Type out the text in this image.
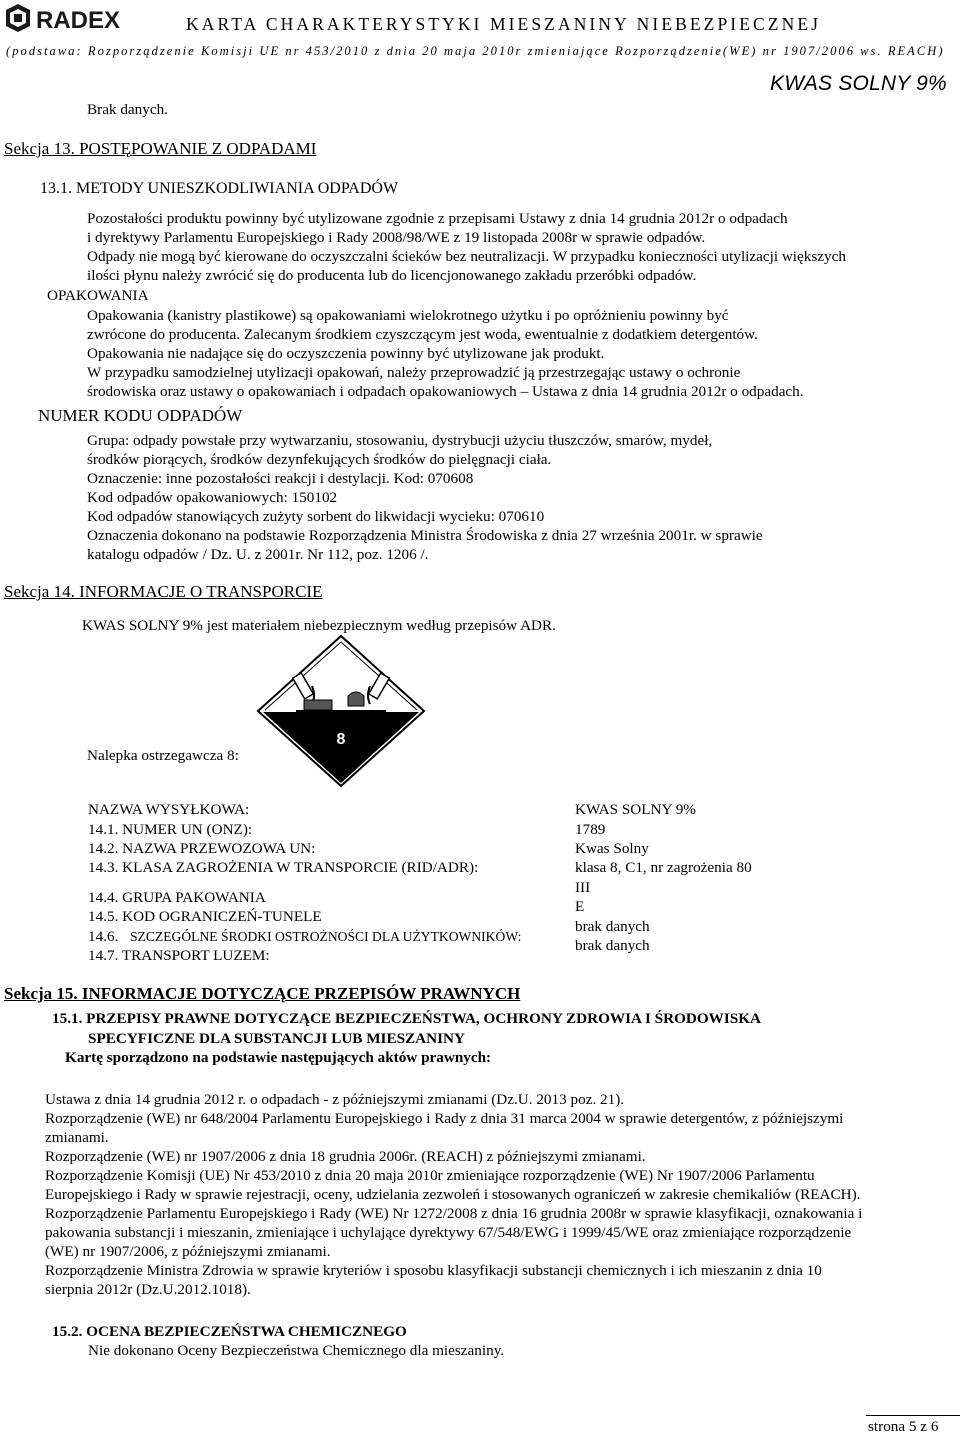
RADEX	KARTA CHARAKTERYSTYKI MIESZANINY NIEBEZPIECZNEJ
(podstawa: Rozporządzenie Komisji UE nr 453/2010 z dnia 20 maja 2010r zmieniające Rozporządzenie(WE) nr 1907/2006 ws. REACH)
KWAS SOLNY 9%
Brak danych.
Sekcja 13. POSTĘPOWANIE Z ODPADAMI
13.1. METODY UNIESZKODLIWIANIA ODPADÓW
Pozostałości produktu powinny być utylizowane zgodnie z przepisami Ustawy z dnia 14 grudnia 2012r o odpadach
i dyrektywy Parlamentu Europejskiego i Rady 2008/98/WE z 19 listopada 2008r w sprawie odpadów.
Odpady nie mogą być kierowane do oczyszczalni ścieków bez neutralizacji. W przypadku konieczności utylizacji większych
ilości płynu należy zwrócić się do producenta lub do licencjonowanego zakładu przeróbki odpadów.
OPAKOWANIA
Opakowania (kanistry plastikowe) są opakowaniami wielokrotnego użytku i po opróżnieniu powinny być
zwrócone do producenta. Zalecanym środkiem czyszczącym jest woda, ewentualnie z dodatkiem detergentów.
Opakowania nie nadające się do oczyszczenia powinny być utylizowane jak produkt.
W przypadku samodzielnej utylizacji opakowań, należy przeprowadzić ją przestrzegając ustawy o ochronie
środowiska oraz ustawy o opakowaniach i odpadach opakowaniowych – Ustawa z dnia 14 grudnia 2012r o odpadach.
NUMER KODU ODPADÓW
Grupa: odpady powstałe przy wytwarzaniu, stosowaniu, dystrybucji użyciu tłuszczów, smarów, mydeł,
środków piorących, środków dezynfekujących środków do pielęgnacji ciała.
Oznaczenie: inne pozostałości reakcji i destylacji. Kod: 070608
Kod odpadów opakowaniowych: 150102
Kod odpadów stanowiących zużyty sorbent do likwidacji wycieku: 070610
Oznaczenia dokonano na podstawie Rozporządzenia Ministra Środowiska z dnia 27 września 2001r. w sprawie
katalogu odpadów / Dz. U. z 2001r. Nr 112, poz. 1206 /.
Sekcja 14. INFORMACJE O TRANSPORCIE
KWAS SOLNY 9% jest materiałem niebezpiecznym według przepisów ADR.
8
Nalepka ostrzegawcza 8:
NAZWA WYSYŁKOWA:
14.1. NUMER UN (ONZ):
14.2. NAZWA PRZEWOZOWA UN:
14.3. KLASA ZAGROŻENIA W TRANSPORCIE (RID/ADR):
14.4. GRUPA PAKOWANIA
14.5. KOD OGRANICZEŃ-TUNELE
14.6. SZCZEGÓLNE ŚRODKI OSTROŻNOŚCI DLA UŻYTKOWNIKÓW:
14.7. TRANSPORT LUZEM:
KWAS SOLNY 9%
1789
Kwas Solny
klasa 8, C1, nr zagrożenia 80
III
E
brak danych
brak danych
Sekcja 15. INFORMACJE DOTYCZĄCE PRZEPISÓW PRAWNYCH
15.1. PRZEPISY PRAWNE DOTYCZĄCE BEZPIECZEŃSTWA, OCHRONY ZDROWIA I ŚRODOWISKA
SPECYFICZNE DLA SUBSTANCJI LUB MIESZANINY
Kartę sporządzono na podstawie następujących aktów prawnych:
Ustawa z dnia 14 grudnia 2012 r. o odpadach - z późniejszymi zmianami (Dz.U. 2013 poz. 21).
Rozporządzenie (WE) nr 648/2004 Parlamentu Europejskiego i Rady z dnia 31 marca 2004 w sprawie detergentów, z późniejszymi
zmianami.
Rozporządzenie (WE) nr 1907/2006 z dnia 18 grudnia 2006r. (REACH) z późniejszymi zmianami.
Rozporządzenie Komisji (UE) Nr 453/2010 z dnia 20 maja 2010r zmieniające rozporządzenie (WE) Nr 1907/2006 Parlamentu
Europejskiego i Rady w sprawie rejestracji, oceny, udzielania zezwoleń i stosowanych ograniczeń w zakresie chemikaliów (REACH).
Rozporządzenie Parlamentu Europejskiego i Rady (WE) Nr 1272/2008 z dnia 16 grudnia 2008r w sprawie klasyfikacji, oznakowania i
pakowania substancji i mieszanin, zmieniające i uchylające dyrektywy 67/548/EWG i 1999/45/WE oraz zmieniające rozporządzenie
(WE) nr 1907/2006, z późniejszymi zmianami.
Rozporządzenie Ministra Zdrowia w sprawie kryteriów i sposobu klasyfikacji substancji chemicznych i ich mieszanin z dnia 10
sierpnia 2012r (Dz.U.2012.1018).
15.2. OCENA BEZPIECZEŃSTWA CHEMICZNEGO
Nie dokonano Oceny Bezpieczeństwa Chemicznego dla mieszaniny.
strona 5 z 6
